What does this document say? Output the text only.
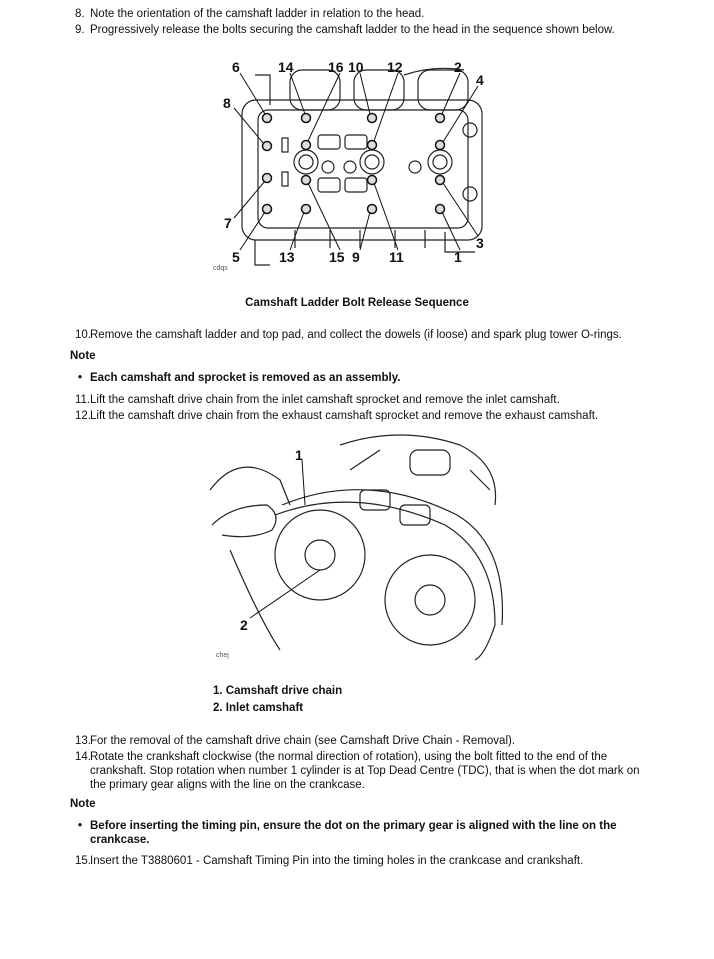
8. Note the orientation of the camshaft ladder in relation to the head.
9. Progressively release the bolts securing the camshaft ladder to the head in the sequence shown below.
1
2
3
4
5
6
7
8
9
10
11
12
13
14
15
16
cdqs
Camshaft Ladder Bolt Release Sequence
10. Remove the camshaft ladder and top pad, and collect the dowels (if loose) and spark plug tower O-rings.
Note
• Each camshaft and sprocket is removed as an assembly.
11. Lift the camshaft drive chain from the inlet camshaft sprocket and remove the inlet camshaft.
12. Lift the camshaft drive chain from the exhaust camshaft sprocket and remove the exhaust camshaft.
1
2
chej
1. Camshaft drive chain
2. Inlet camshaft
13. For the removal of the camshaft drive chain (see Camshaft Drive Chain - Removal).
14. Rotate the crankshaft clockwise (the normal direction of rotation), using the bolt fitted to the end of the crankshaft. Stop rotation when number 1 cylinder is at Top Dead Centre (TDC), that is when the dot mark on the primary gear aligns with the line on the crankcase.
Note
• Before inserting the timing pin, ensure the dot on the primary gear is aligned with the line on the crankcase.
15. Insert the T3880601 - Camshaft Timing Pin into the timing holes in the crankcase and crankshaft.
